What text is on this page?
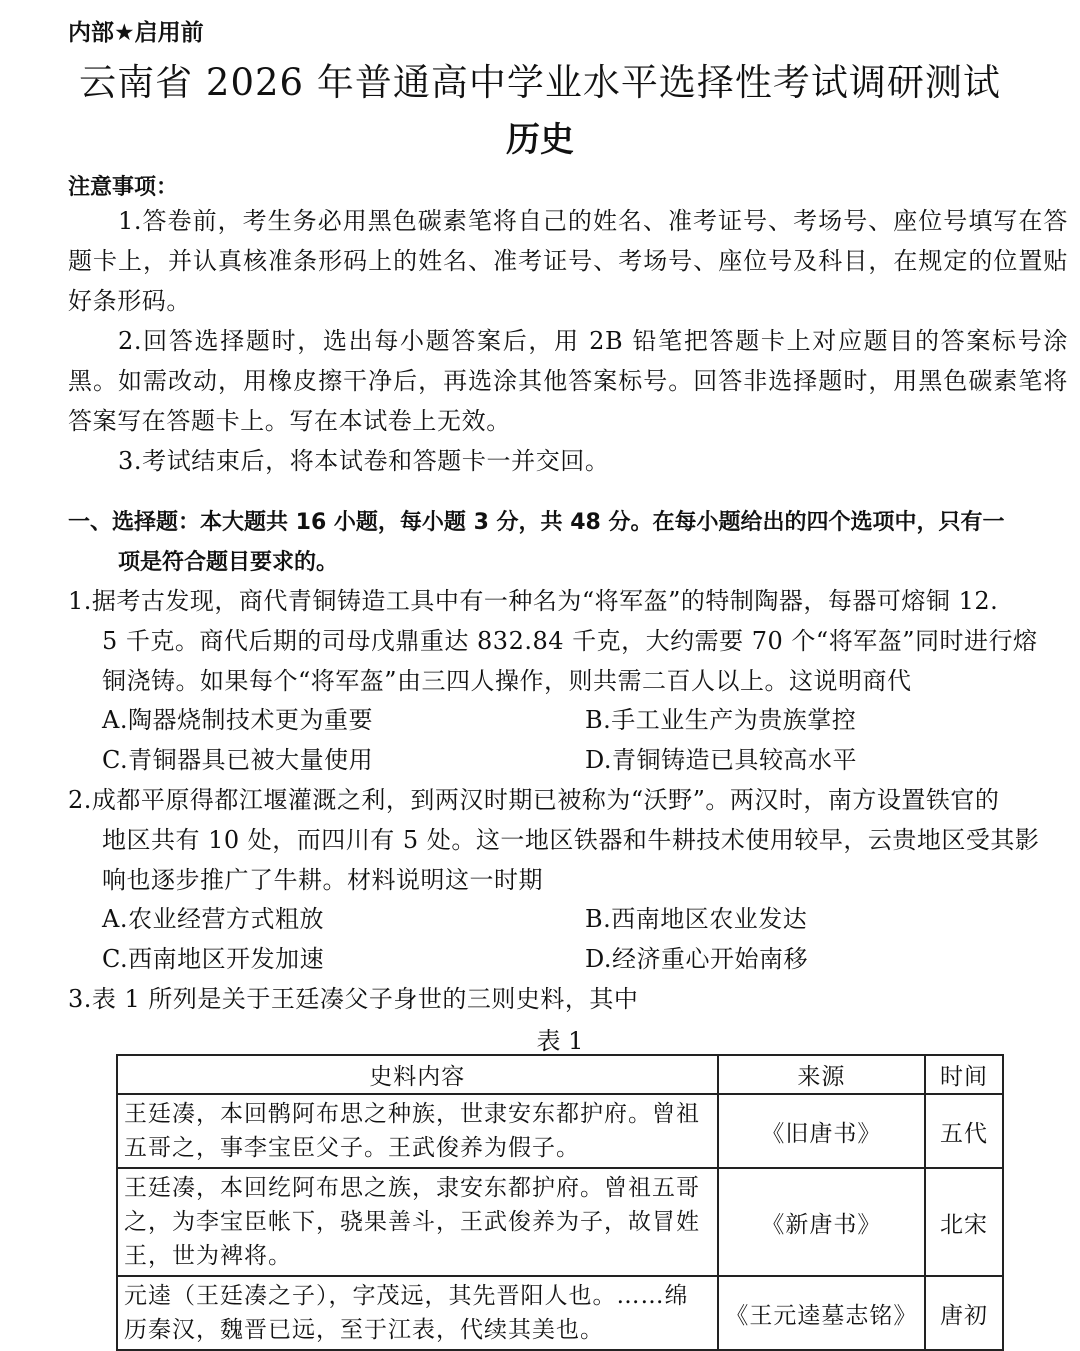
内部★启用前
云南省 2026 年普通高中学业水平选择性考试调研测试
历史
注意事项：
1.答卷前，考生务必用黑色碳素笔将自己的姓名、准考证号、考场号、座位号填写在答题卡上，并认真核准条形码上的姓名、准考证号、考场号、座位号及科目，在规定的位置贴好条形码。
2.回答选择题时，选出每小题答案后，用 2B 铅笔把答题卡上对应题目的答案标号涂黑。如需改动，用橡皮擦干净后，再选涂其他答案标号。回答非选择题时，用黑色碳素笔将答案写在答题卡上。写在本试卷上无效。
3.考试结束后，将本试卷和答题卡一并交回。
一、选择题：本大题共 16 小题，每小题 3 分，共 48 分。在每小题给出的四个选项中，只有一
项是符合题目要求的。
1.据考古发现，商代青铜铸造工具中有一种名为“将军盔”的特制陶器，每器可熔铜 12.
5 千克。商代后期的司母戊鼎重达 832.84 千克，大约需要 70 个“将军盔”同时进行熔
铜浇铸。如果每个“将军盔”由三四人操作，则共需二百人以上。这说明商代
A.陶器烧制技术更为重要	B.手工业生产为贵族掌控
C.青铜器具已被大量使用	D.青铜铸造已具较高水平
2.成都平原得都江堰灌溉之利，到两汉时期已被称为“沃野”。两汉时，南方设置铁官的
地区共有 10 处，而四川有 5 处。这一地区铁器和牛耕技术使用较早，云贵地区受其影
响也逐步推广了牛耕。材料说明这一时期
A.农业经营方式粗放	B.西南地区农业发达
C.西南地区开发加速	D.经济重心开始南移
3.表 1 所列是关于王廷凑父子身世的三则史料，其中
表 1
史料内容	来源	时间
王廷凑，本回鹘阿布思之种族，世隶安东都护府。曾祖五哥之，事李宝臣父子。王武俊养为假子。	《旧唐书》	五代
王廷凑，本回纥阿布思之族，隶安东都护府。曾祖五哥之，为李宝臣帐下，骁果善斗，王武俊养为子，故冒姓王，世为裨将。	《新唐书》	北宋
元逵（王廷凑之子），字茂远，其先晋阳人也。……绵历秦汉，魏晋已远，至于江表，代续其美也。	《王元逵墓志铭》	唐初
